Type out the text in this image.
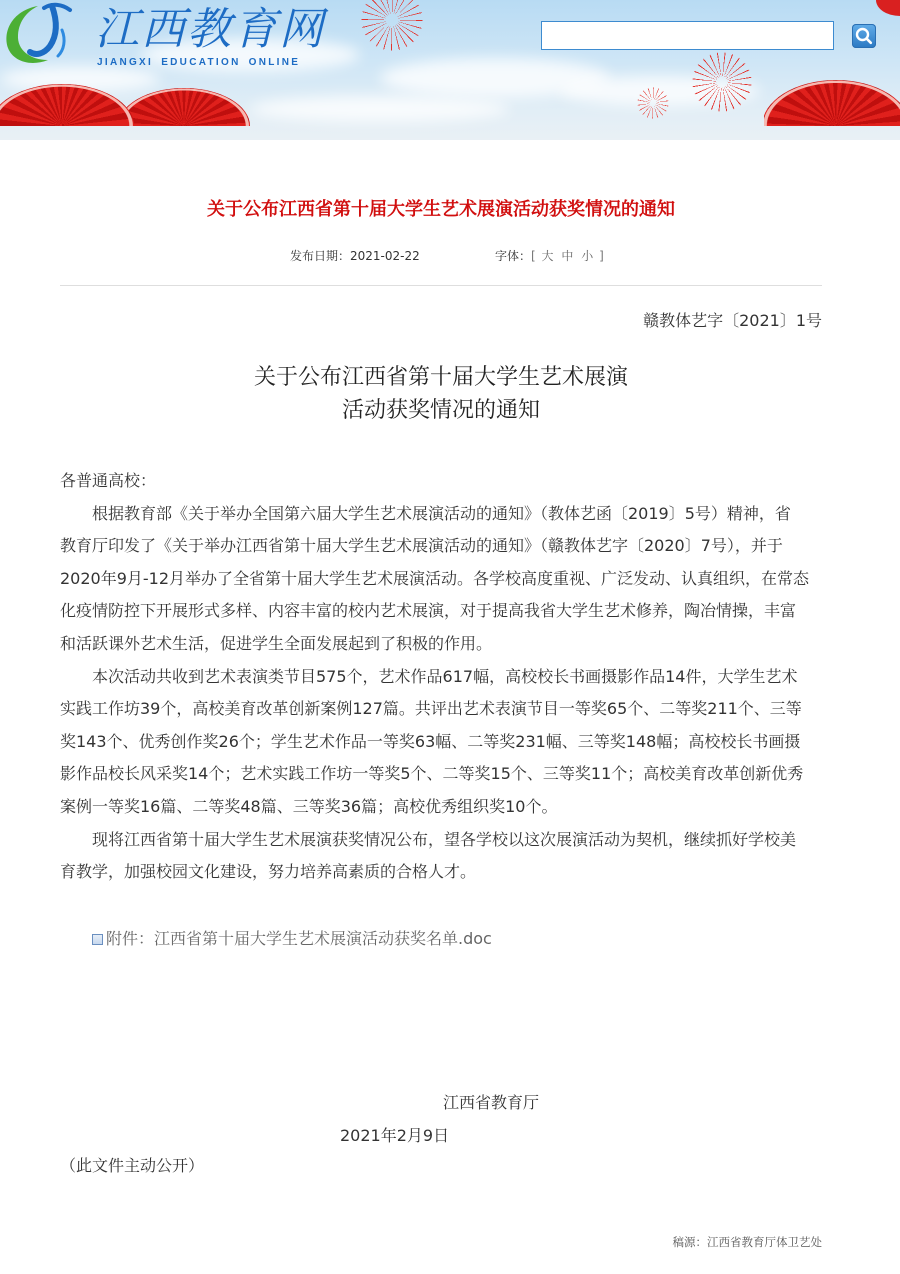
江西教育网
JIANGXI EDUCATION ONLINE
关于公布江西省第十届大学生艺术展演活动获奖情况的通知
发布日期：2021-02-22	字体：[ 大 中 小 ]
赣教体艺字〔2021〕1号
关于公布江西省第十届大学生艺术展演
活动获奖情况的通知
各普通高校：
根据教育部《关于举办全国第六届大学生艺术展演活动的通知》（教体艺函〔2019〕5号）精神，省
教育厅印发了《关于举办江西省第十届大学生艺术展演活动的通知》（赣教体艺字〔2020〕7号），并于
2020年9月-12月举办了全省第十届大学生艺术展演活动。各学校高度重视、广泛发动、认真组织，在常态
化疫情防控下开展形式多样、内容丰富的校内艺术展演，对于提高我省大学生艺术修养，陶冶情操，丰富
和活跃课外艺术生活，促进学生全面发展起到了积极的作用。
本次活动共收到艺术表演类节目575个，艺术作品617幅，高校校长书画摄影作品14件，大学生艺术
实践工作坊39个，高校美育改革创新案例127篇。共评出艺术表演节目一等奖65个、二等奖211个、三等
奖143个、优秀创作奖26个；学生艺术作品一等奖63幅、二等奖231幅、三等奖148幅；高校校长书画摄
影作品校长风采奖14个；艺术实践工作坊一等奖5个、二等奖15个、三等奖11个；高校美育改革创新优秀
案例一等奖16篇、二等奖48篇、三等奖36篇；高校优秀组织奖10个。
现将江西省第十届大学生艺术展演获奖情况公布，望各学校以这次展演活动为契机，继续抓好学校美
育教学，加强校园文化建设，努力培养高素质的合格人才。
附件：江西省第十届大学生艺术展演活动获奖名单.doc
江西省教育厅
2021年2月9日
（此文件主动公开）
稿源：江西省教育厅体卫艺处
